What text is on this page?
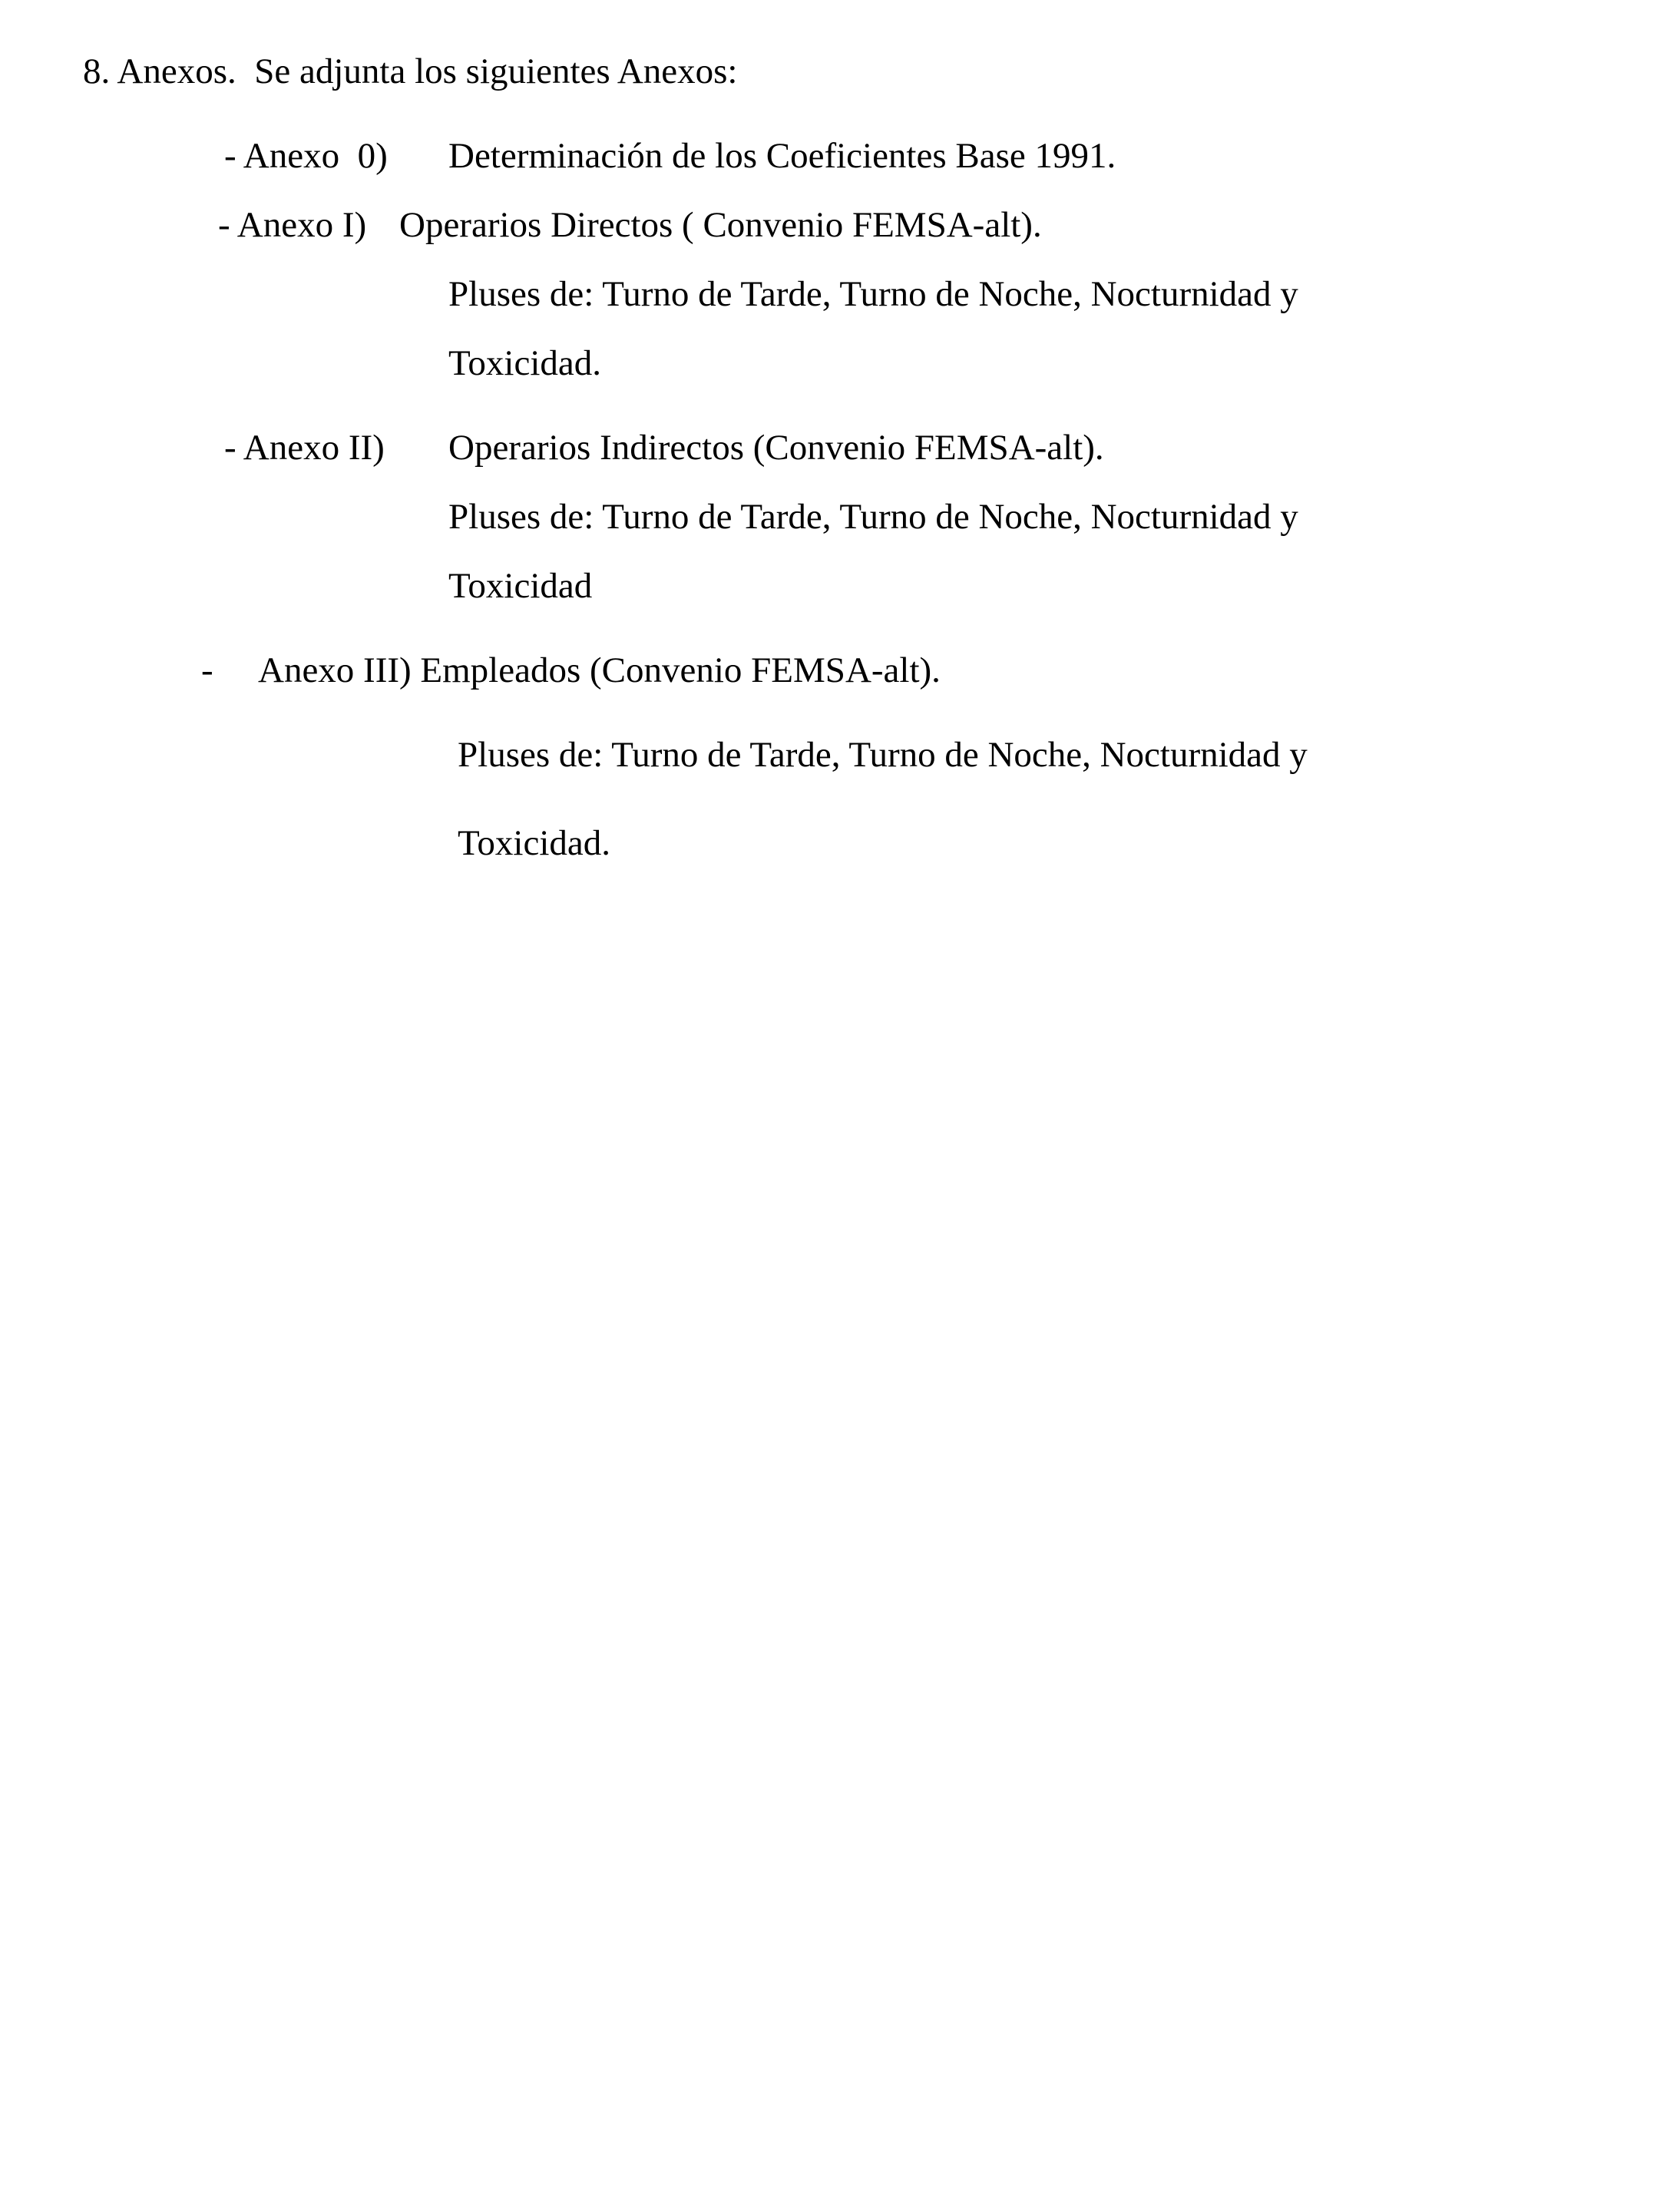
8. Anexos.  Se adjunta los siguientes Anexos:
- Anexo  0) Determinación de los Coeficientes Base 1991.
- Anexo I) Operarios Directos ( Convenio FEMSA-alt).
Pluses de: Turno de Tarde, Turno de Noche, Nocturnidad y
Toxicidad.
- Anexo II) Operarios Indirectos (Convenio FEMSA-alt).
Pluses de: Turno de Tarde, Turno de Noche, Nocturnidad y
Toxicidad
- Anexo III) Empleados (Convenio FEMSA-alt).
Pluses de: Turno de Tarde, Turno de Noche, Nocturnidad y
Toxicidad.
